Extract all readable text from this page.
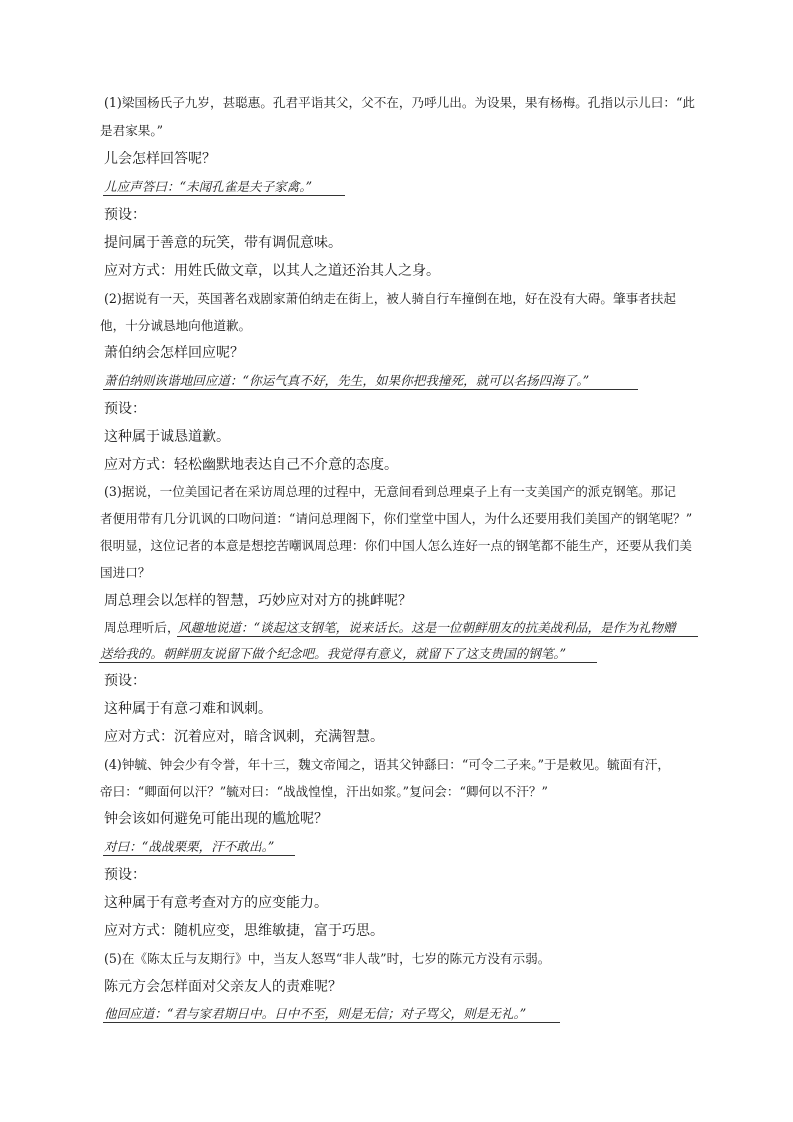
(1)梁国杨氏子九岁，甚聪惠。孔君平诣其父，父不在，乃呼儿出。为设果，果有杨梅。孔指以示儿曰：“此
是君家果。”
儿会怎样回答呢？
儿应声答曰：“未闻孔雀是夫子家禽。”
预设：
提问属于善意的玩笑，带有调侃意味。
应对方式：用姓氏做文章，以其人之道还治其人之身。
(2)据说有一天，英国著名戏剧家萧伯纳走在街上，被人骑自行车撞倒在地，好在没有大碍。肇事者扶起
他，十分诚恳地向他道歉。
萧伯纳会怎样回应呢？
萧伯纳则诙谐地回应道：“你运气真不好，先生，如果你把我撞死，就可以名扬四海了。”
预设：
这种属于诚恳道歉。
应对方式：轻松幽默地表达自己不介意的态度。
(3)据说，一位美国记者在采访周总理的过程中，无意间看到总理桌子上有一支美国产的派克钢笔。那记
者便用带有几分讥讽的口吻问道：“请问总理阁下，你们堂堂中国人，为什么还要用我们美国产的钢笔呢？”
很明显，这位记者的本意是想挖苦嘲讽周总理：你们中国人怎么连好一点的钢笔都不能生产，还要从我们美
国进口？
周总理会以怎样的智慧，巧妙应对对方的挑衅呢？
周总理听后，
风趣地说道：“谈起这支钢笔，说来话长。这是一位朝鲜朋友的抗美战利品，是作为礼物赠
送给我的。朝鲜朋友说留下做个纪念吧。我觉得有意义，就留下了这支贵国的钢笔。”
预设：
这种属于有意刁难和讽刺。
应对方式：沉着应对，暗含讽刺，充满智慧。
(4)钟毓、钟会少有令誉，年十三，魏文帝闻之，语其父钟繇曰：“可令二子来。”于是敕见。毓面有汗，
帝曰：“卿面何以汗？”毓对曰：“战战惶惶，汗出如浆。”复问会：“卿何以不汗？”
钟会该如何避免可能出现的尴尬呢？
对曰：“战战栗栗，汗不敢出。”
预设：
这种属于有意考查对方的应变能力。
应对方式：随机应变，思维敏捷，富于巧思。
(5)在《陈太丘与友期行》中，当友人怒骂“非人哉”时，七岁的陈元方没有示弱。
陈元方会怎样面对父亲友人的责难呢？
他回应道：“君与家君期日中。日中不至，则是无信；对子骂父，则是无礼。”
